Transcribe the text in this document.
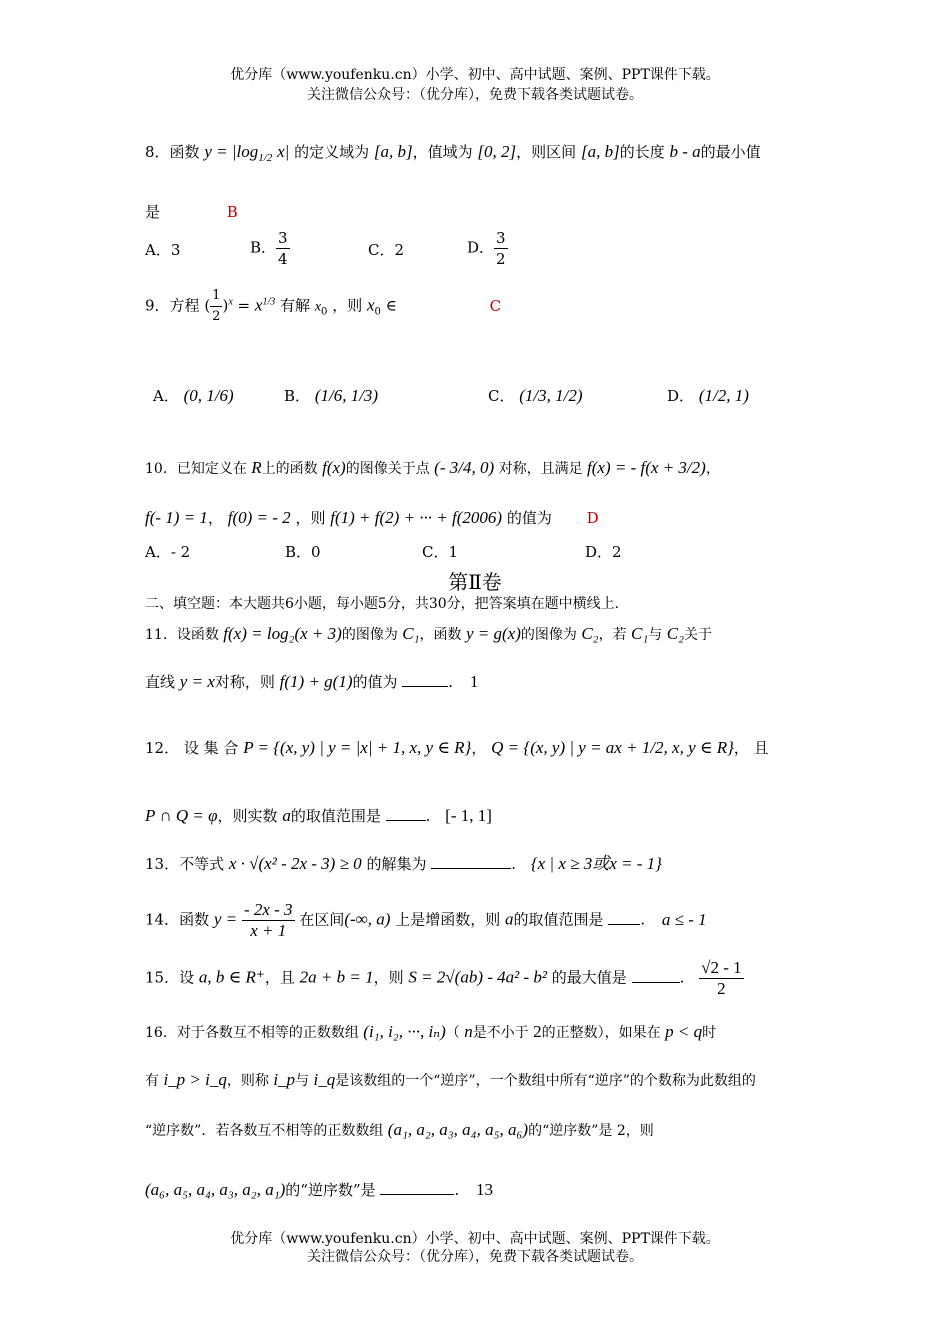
优分库（www.youfenku.cn）小学、初中、高中试题、案例、PPT课件下载。
关注微信公众号：（优分库），免费下载各类试题试卷。
8．函数 $y = |\log_{1/2}$ x| 的定义域为 [a, b]，值域为 [0, 2]，则区间 [a, b]的长度 b - a的最小值
是	B
A．3	B． $\frac{3}{4}$	C．2	D． $\frac{3}{2}$
9．方程 ( $\frac{1}{2} )^x = x^{1/3}$ 有解 $x_0$ ，则 $x_0$ ∈	C
A． (0, 1/6)	B． (1/6, 1/3)	C． (1/3, 1/2)	D． (1/2, 1)
10．已知定义在 R上的函数 f(x)的图像关于点 (- 3/4, 0) 对称，且满足 f(x) = - f(x + 3/2)，
f(- 1) = 1， f(0) = - 2 ，则 f(1) + f(2) + ··· + f(2006) 的值为 D
A．- 2	B．0	C．1	D．2
第Ⅱ卷
二、填空题：本大题共6小题，每小题5分，共30分，把答案填在题中横线上.
11．设函数 f(x) = log₂(x + 3)的图像为 C₁，函数 y = g(x)的图像为 C₂，若 C₁与 C₂关于
直线 y = x对称，则 f(1) + g(1)的值为	. 1
12． 设 集 合 P = {(x, y) | y = |x| + 1, x, y ∈ R}， Q = {(x, y) | y = ax + 1/2, x, y ∈ R}， 且
P ∩ Q = φ，则实数 a的取值范围是	. [- 1, 1]
13．不等式 x · √(x² - 2x - 3) ≥ 0 的解集为	. {x | x ≥ 3或x = - 1}
14．函数 $y = \frac{- 2x - 3}{x + 1}$ 在区间(-∞, a) 上是增函数，则 a的取值范围是 . a ≤ - 1
15．设 a, b ∈ R⁺，且 2a + b = 1，则 S = 2√(ab) - 4a² - b² 的最大值是	. $\frac{√2 - 1}{2}$
16．对于各数互不相等的正数数组 (i₁, i₂, ···, iₙ)（ n是不小于 2的正整数），如果在 p < q时
有 i_p > i_q，则称 i_p与 i_q是该数组的一个“逆序”，一个数组中所有“逆序”的个数称为此数组的
“逆序数”．若各数互不相等的正数数组 (a₁, a₂, a₃, a₄, a₅, a₆)的“逆序数”是 2，则
(a₆, a₅, a₄, a₃, a₂, a₁)的“逆序数”是	. 13
优分库（www.youfenku.cn）小学、初中、高中试题、案例、PPT课件下载。
关注微信公众号：（优分库），免费下载各类试题试卷。
